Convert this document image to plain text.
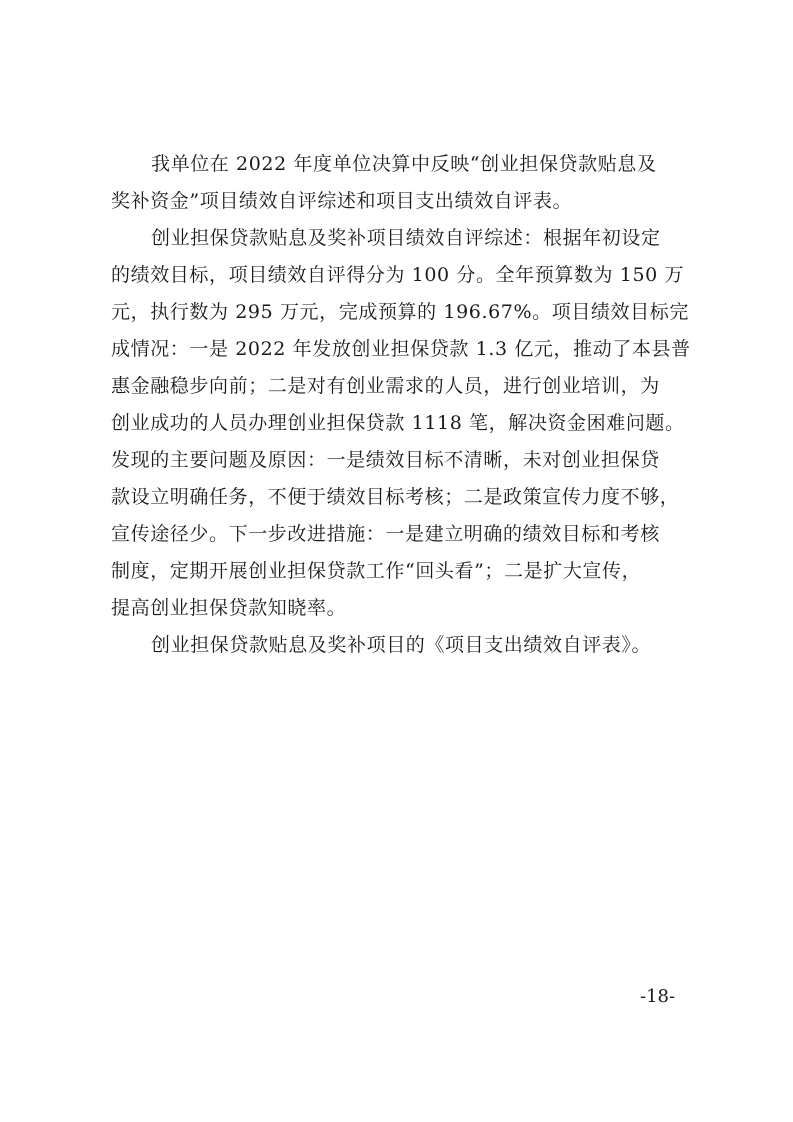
我单位在 2022 年度单位决算中反映“创业担保贷款贴息及
奖补资金”项目绩效自评综述和项目支出绩效自评表。

创业担保贷款贴息及奖补项目绩效自评综述：根据年初设定
的绩效目标，项目绩效自评得分为 100 分。全年预算数为 150 万
元，执行数为 295 万元，完成预算的 196.67%。项目绩效目标完
成情况：一是 2022 年发放创业担保贷款 1.3 亿元，推动了本县普
惠金融稳步向前；二是对有创业需求的人员，进行创业培训，为
创业成功的人员办理创业担保贷款 1118 笔，解决资金困难问题。
发现的主要问题及原因：一是绩效目标不清晰，未对创业担保贷
款设立明确任务，不便于绩效目标考核；二是政策宣传力度不够，
宣传途径少。下一步改进措施：一是建立明确的绩效目标和考核
制度，定期开展创业担保贷款工作“回头看”；二是扩大宣传，
提高创业担保贷款知晓率。

创业担保贷款贴息及奖补项目的《项目支出绩效自评表》。

-18-
